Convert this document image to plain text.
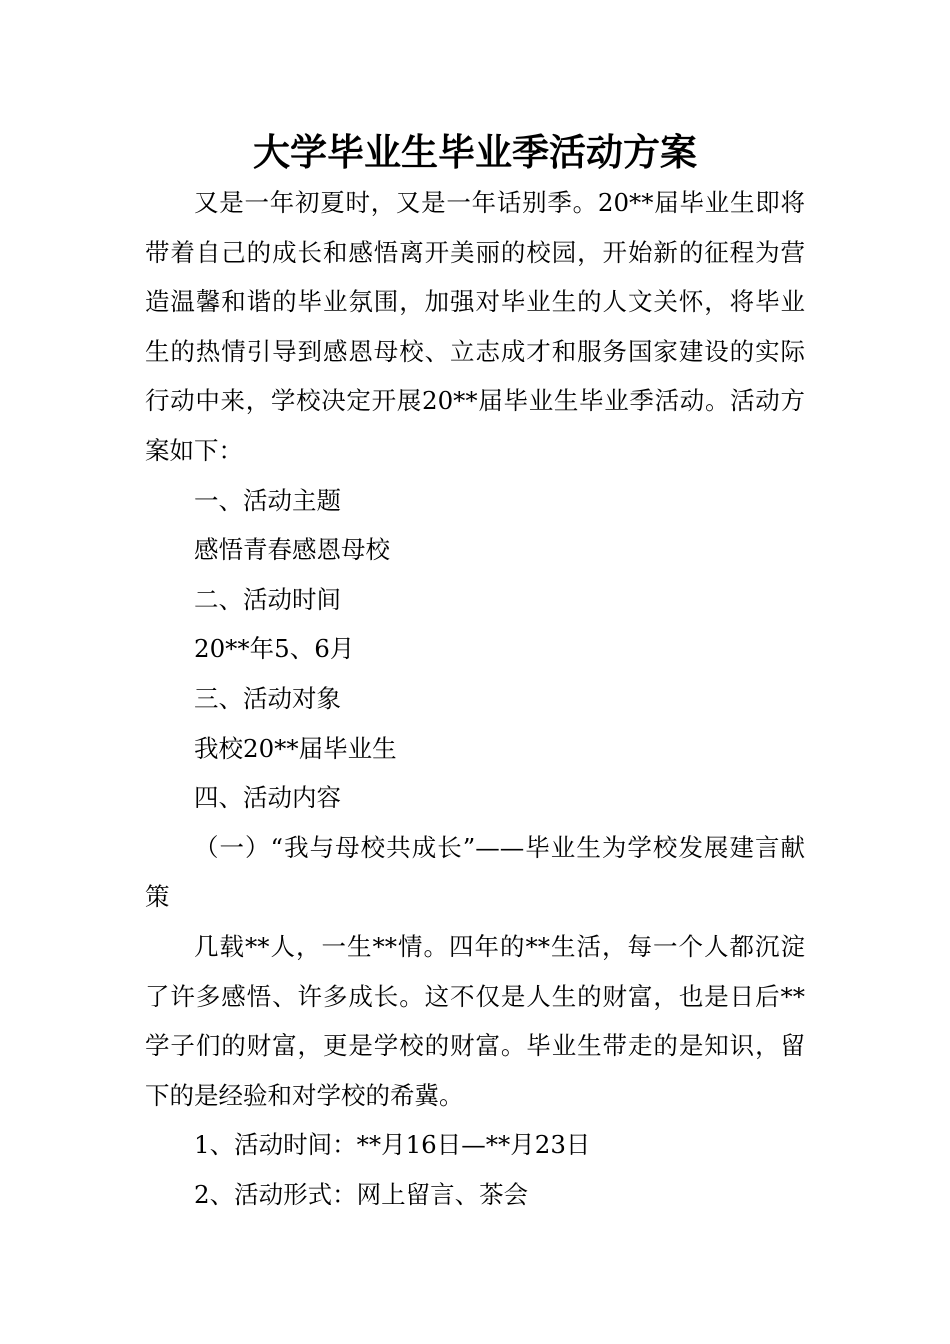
大学毕业生毕业季活动方案

又是一年初夏时，又是一年话别季。20**届毕业生即将带着自己的成长和感悟离开美丽的校园，开始新的征程为营造温馨和谐的毕业氛围，加强对毕业生的人文关怀，将毕业生的热情引导到感恩母校、立志成才和服务国家建设的实际行动中来，学校决定开展20**届毕业生毕业季活动。活动方案如下：

一、活动主题

感悟青春感恩母校

二、活动时间

20**年5、6月

三、活动对象

我校20**届毕业生

四、活动内容

（一）“我与母校共成长”——毕业生为学校发展建言献策

几载**人，一生**情。四年的**生活，每一个人都沉淀了许多感悟、许多成长。这不仅是人生的财富，也是日后**学子们的财富，更是学校的财富。毕业生带走的是知识，留下的是经验和对学校的希冀。

1、活动时间：**月16日—**月23日

2、活动形式：网上留言、茶会
